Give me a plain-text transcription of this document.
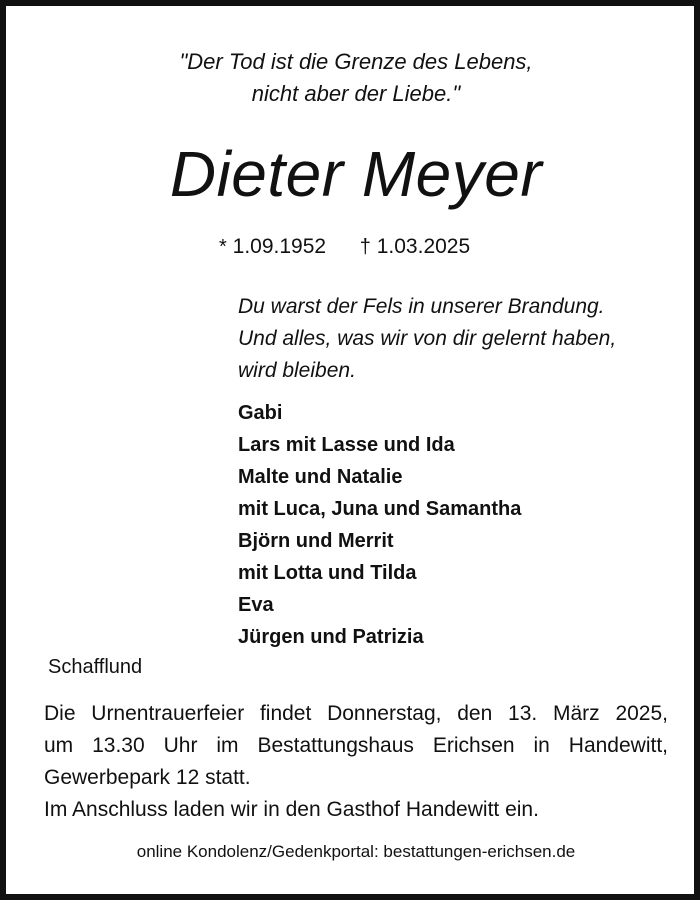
"Der Tod ist die Grenze des Lebens,
nicht aber der Liebe."
Dieter Meyer
* 1.09.1952 † 1.03.2025
Du warst der Fels in unserer Brandung.
Und alles, was wir von dir gelernt haben,
wird bleiben.
Gabi
Lars mit Lasse und Ida
Malte und Natalie
mit Luca, Juna und Samantha
Björn und Merrit
mit Lotta und Tilda
Eva
Jürgen und Patrizia
Schafflund
Die Urnentrauerfeier findet Donnerstag, den 13. März 2025,
um 13.30 Uhr im Bestattungshaus Erichsen in Handewitt,
Gewerbepark 12 statt.
Im Anschluss laden wir in den Gasthof Handewitt ein.
online Kondolenz/Gedenkportal: bestattungen-erichsen.de
